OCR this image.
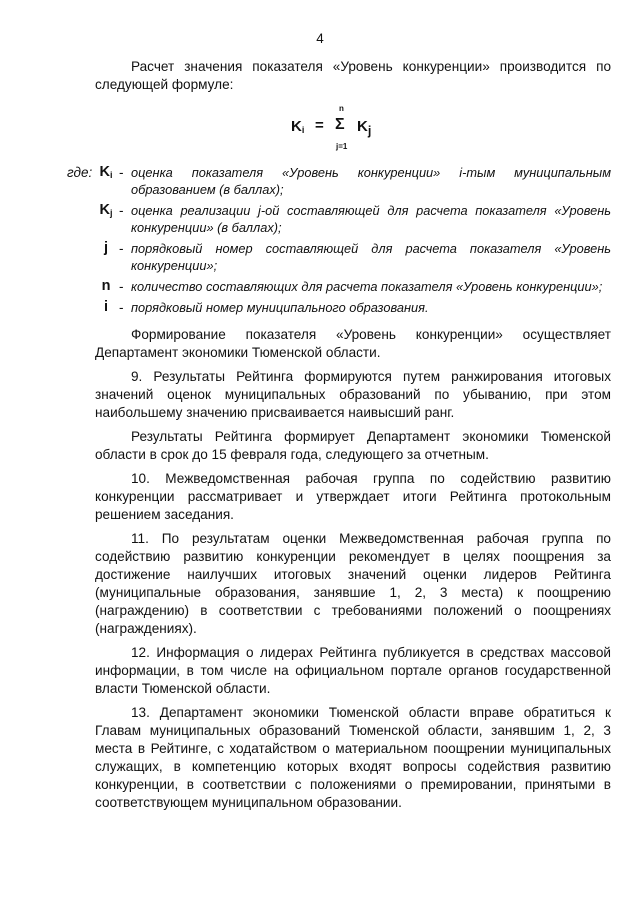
4

Расчет значения показателя «Уровень конкуренции» производится по следующей формуле:

$K_i$ =
n
Σ
j=1
$K_j$
где: $K_i$ - оценка показателя «Уровень конкуренции» i-тым муниципальным образованием (в баллах);
$K_j$ - оценка реализации j-ой составляющей для расчета показателя «Уровень конкуренции» (в баллах);
j - порядковый номер составляющей для расчета показателя «Уровень конкуренции»;
n - количество составляющих для расчета показателя «Уровень конкуренции»;
i - порядковый номер муниципального образования.

Формирование показателя «Уровень конкуренции» осуществляет Департамент экономики Тюменской области.

9. Результаты Рейтинга формируются путем ранжирования итоговых значений оценок муниципальных образований по убыванию, при этом наибольшему значению присваивается наивысший ранг.

Результаты Рейтинга формирует Департамент экономики Тюменской области в срок до 15 февраля года, следующего за отчетным.

10. Межведомственная рабочая группа по содействию развитию конкуренции рассматривает и утверждает итоги Рейтинга протокольным решением заседания.

11. По результатам оценки Межведомственная рабочая группа по содействию развитию конкуренции рекомендует в целях поощрения за достижение наилучших итоговых значений оценки лидеров Рейтинга (муниципальные образования, занявшие 1, 2, 3 места) к поощрению (награждению) в соответствии с требованиями положений о поощрениях (награждениях).

12. Информация о лидерах Рейтинга публикуется в средствах массовой информации, в том числе на официальном портале органов государственной власти Тюменской области.

13. Департамент экономики Тюменской области вправе обратиться к Главам муниципальных образований Тюменской области, занявшим 1, 2, 3 места в Рейтинге, с ходатайством о материальном поощрении муниципальных служащих, в компетенцию которых входят вопросы содействия развитию конкуренции, в соответствии с положениями о премировании, принятыми в соответствующем муниципальном образовании.
